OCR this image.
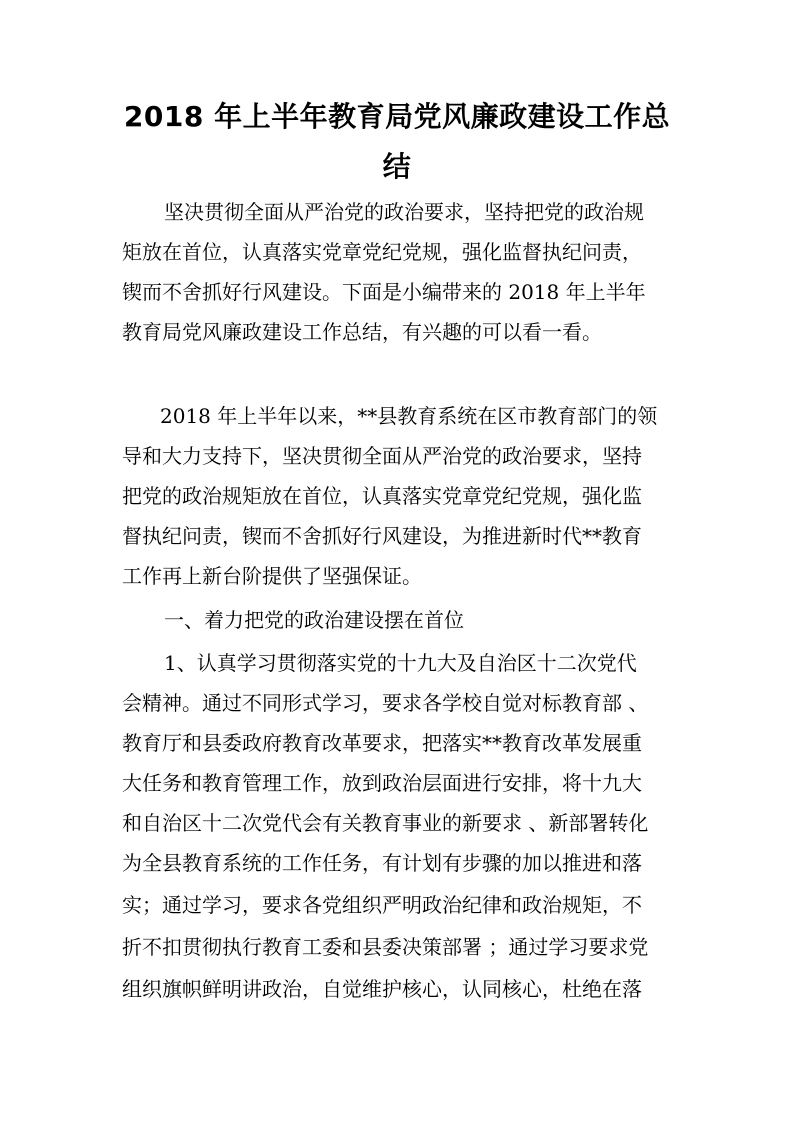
2018 年上半年教育局党风廉政建设工作总结
坚决贯彻全面从严治党的政治要求，坚持把党的政治规
矩放在首位，认真落实党章党纪党规，强化监督执纪问责，
锲而不舍抓好行风建设。下面是小编带来的 2018 年上半年
教育局党风廉政建设工作总结，有兴趣的可以看一看。
2018 年上半年以来，**县教育系统在区市教育部门的领
导和大力支持下，坚决贯彻全面从严治党的政治要求，坚持
把党的政治规矩放在首位，认真落实党章党纪党规，强化监
督执纪问责，锲而不舍抓好行风建设，为推进新时代**教育
工作再上新台阶提供了坚强保证。
一、着力把党的政治建设摆在首位
1、认真学习贯彻落实党的十九大及自治区十二次党代
会精神。通过不同形式学习，要求各学校自觉对标教育部 、
教育厅和县委政府教育改革要求，把落实**教育改革发展重
大任务和教育管理工作，放到政治层面进行安排，将十九大
和自治区十二次党代会有关教育事业的新要求 、新部署转化
为全县教育系统的工作任务，有计划有步骤的加以推进和落
实；通过学习，要求各党组织严明政治纪律和政治规矩，不
折不扣贯彻执行教育工委和县委决策部署 ；通过学习要求党
组织旗帜鲜明讲政治，自觉维护核心，认同核心，杜绝在落
